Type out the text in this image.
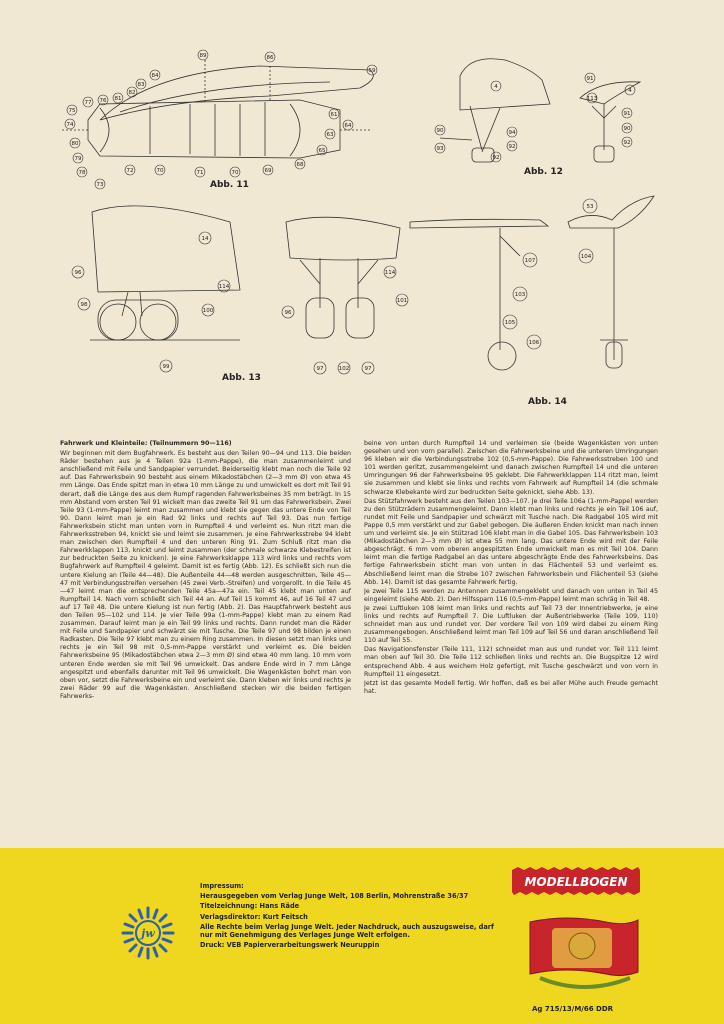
89	86
84
83
82
81
76
77
75
74
80
79
78
73
72	70	71	70	69
68
65
63
64
61
59
4
90
93
94
92
92
91
4
113
91
90
92
14
96
98
114
100
99
114
96
101
97	102	97
107
103
105
106
53
104
Abb. 11
Abb. 12
Abb. 13
Abb. 14
Fahrwerk und Kleinteile: (Teilnummern 90—116)

Wir beginnen mit dem Bugfahrwerk. Es besteht aus den Teilen 90—94 und 113. Die beiden Räder bestehen aus je 4 Teilen 92a (1-mm-Pappe), die man zusammenleimt und anschließend mit Feile und Sandpapier verrundet. Beiderseitig klebt man noch die Teile 92 auf. Das Fahrwerksbein 90 besteht aus einem Mikadostäbchen (2—3 mm Ø) von etwa 45 mm Länge. Das Ende spitzt man in etwa 10 mm Länge zu und umwickelt es dort mit Teil 91 derart, daß die Länge des aus dem Rumpf ragenden Fahrwerksbeines 35 mm beträgt. In 15 mm Abstand vom ersten Teil 91 wickelt man das zweite Teil 91 um das Fahrwerksbein. Zwei Teile 93 (1-mm-Pappe) leimt man zusammen und klebt sie gegen das untere Ende von Teil 90. Dann leimt man je ein Rad 92 links und rechts auf Teil 93. Das nun fertige Fahrwerksbein sticht man unten vorn in Rumpfteil 4 und verleimt es. Nun ritzt man die Fahrwerksstreben 94, knickt sie und leimt sie zusammen. Je eine Fahrwerksstrebe 94 klebt man zwischen den Rumpfteil 4 und den unteren Ring 91. Zum Schluß ritzt man die Fahrwerkklappen 113, knickt und leimt zusammen (der schmale schwarze Klebestreifen ist zur bedruckten Seite zu knicken). Je eine Fahrwerksklappe 113 wird links und rechts vom Bugfahrwerk auf Rumpfteil 4 geleimt. Damit ist es fertig (Abb. 12). Es schließt sich nun die untere Kielung an (Teile 44—48). Die Außenteile 44—48 werden ausgeschnitten, Teile 45—47 mit Verbindungsstreifen versehen (45 zwei Verb.-Streifen) und vorgerollt. In die Teile 45—47 leimt man die entsprechenden Teile 45a—47a ein. Teil 45 klebt man unten auf Rumpfteil 14. Nach vorn schließt sich Teil 44 an. Auf Teil 15 kommt 46, auf 16 Teil 47 und auf 17 Teil 48. Die untere Kielung ist nun fertig (Abb. 2). Das Hauptfahrwerk besteht aus den Teilen 95—102 und 114. Je vier Teile 99a (1-mm-Pappe) klebt man zu einem Rad zusammen. Darauf leimt man je ein Teil 99 links und rechts. Dann rundet man die Räder mit Feile und Sandpapier und schwärzt sie mit Tusche. Die Teile 97 und 98 bilden je einen Radkasten. Die Teile 97 klebt man zu einem Ring zusammen. In diesen setzt man links und rechts je ein Teil 98 mit 0,5-mm-Pappe verstärkt und verleimt es. Die beiden Fahrwerksbeine 95 (Mikadostäbchen etwa 2—3 mm Ø) sind etwa 40 mm lang. 10 mm vom unteren Ende werden sie mit Teil 96 umwickelt. Das andere Ende wird in 7 mm Länge angespitzt und ebenfalls darunter mit Teil 96 umwickelt. Die Wagenkästen bohrt man von oben vor, setzt die Fahrwerksbeine ein und verleimt sie. Dann kleben wir links und rechts je zwei Räder 99 auf die Wagenkästen. Anschließend stecken wir die beiden fertigen Fahrwerks-

beine von unten durch Rumpfteil 14 und verleimen sie (beide Wagenkästen von unten gesehen und von vorn parallel). Zwischen die Fahrwerksbeine und die unteren Umringungen 96 kleben wir die Verbindungsstrebe 102 (0,5-mm-Pappe). Die Fahrwerksstreben 100 und 101 werden geritzt, zusammengeleimt und danach zwischen Rumpfteil 14 und die unteren Umringungen 96 der Fahrwerksbeine 95 geklebt. Die Fahrwerkklappen 114 ritzt man, leimt sie zusammen und klebt sie links und rechts vom Fahrwerk auf Rumpfteil 14 (die schmale schwarze Klebekante wird zur bedruckten Seite geknickt, siehe Abb. 13).

Das Stützfahrwerk besteht aus den Teilen 103—107. Je drei Teile 106a (1-mm-Pappe) werden zu den Stützrädern zusammengeleimt. Dann klebt man links und rechts je ein Teil 106 auf, rundet mit Feile und Sandpapier und schwärzt mit Tusche nach. Die Radgabel 105 wird mit Pappe 0,5 mm verstärkt und zur Gabel gebogen. Die äußeren Enden knickt man nach innen um und verleimt sie. Je ein Stützrad 106 klebt man in die Gabel 105. Das Fahrwerksbein 103 (Mikadostäbchen 2—3 mm Ø) ist etwa 55 mm lang. Das untere Ende wird mit der Feile abgeschrägt. 6 mm vom oberen angespitzten Ende umwickelt man es mit Teil 104. Dann leimt man die fertige Radgabel an das untere abgeschrägte Ende des Fahrwerksbeins. Das fertige Fahrwerksbein sticht man von unten in das Flächenteil 53 und verleimt es. Abschließend leimt man die Strebe 107 zwischen Fahrwerksbein und Flächenteil 53 (siehe Abb. 14). Damit ist das gesamte Fahrwerk fertig.

Je zwei Teile 115 werden zu Antennen zusammengeklebt und danach von unten in Teil 45 eingeleimt (siehe Abb. 2). Den Hilfssparn 116 (0,5-mm-Pappe) leimt man schräg in Teil 48.

Je zwei Luftluken 108 leimt man links und rechts auf Teil 73 der Innentriebwerke, je eine links und rechts auf Rumpfteil 7. Die Luftluken der Außentriebwerke (Teile 109, 110) schneidet man aus und rundet vor. Der vordere Teil von 109 wird dabei zu einem Ring zusammengebogen. Anschließend leimt man Teil 109 auf Teil 56 und daran anschließend Teil 110 auf Teil 55.

Das Navigationsfenster (Teile 111, 112) schneidet man aus und rundet vor. Teil 111 leimt man oben auf Teil 30. Die Teile 112 schließen links und rechts an. Die Bugspitze 12 wird entsprechend Abb. 4 aus weichem Holz gefertigt, mit Tusche geschwärzt und von vorn in Rumpfteil 11 eingesetzt.

Jetzt ist das gesamte Modell fertig. Wir hoffen, daß es bei aller Mühe auch Freude gemacht hat.

jw

Impressum:

Herausgegeben vom Verlag Junge Welt, 108 Berlin, Mohrenstraße 36/37

Titelzeichnung: Hans Räde

Verlagsdirektor: Kurt Feitsch

Alle Rechte beim Verlag Junge Welt. Jeder Nachdruck, auch auszugsweise, darf nur mit Genehmigung des Verlages Junge Welt erfolgen.

Druck: VEB Papierverarbeitungswerk Neuruppin

MODELLBOGEN
Ag 715/13/M/66 DDR
